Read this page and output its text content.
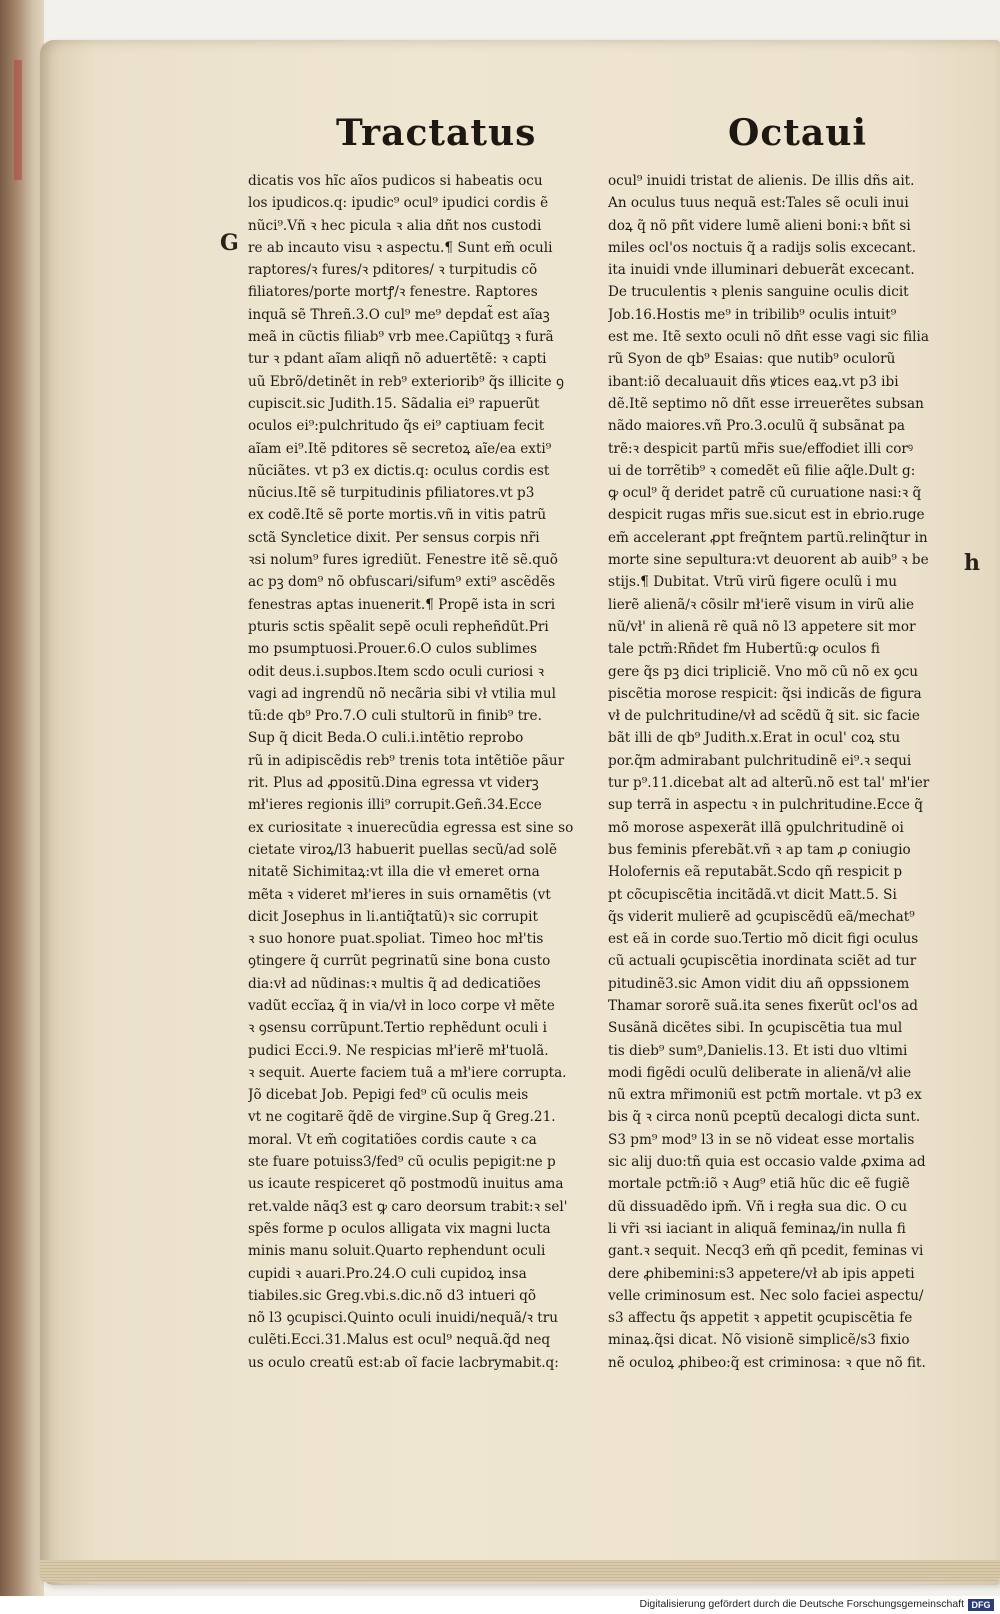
Tractatus	Octaui
G
h
dicatis vos hĩc aĩos pudicos si habeatis ocu
los ipudicos.q: ipudic⁹ ocul⁹ ipudici cordis ẽ
nũci⁹.Vñ ꝛ hec picula ꝛ alia dñt nos custodi
re ab incauto visu ꝛ aspectu.¶ Sunt em̃ oculi
raptores/ꝛ fures/ꝛ pditores/ ꝛ turpitudis cõ
filiatores/porte mortꝭ/ꝛ fenestre. Raptores
inquã sẽ Threñ.3.O cul⁹ me⁹ depdat̃ est aĩaꝫ
meã in cũctis filiab⁹ vrb mee.Capiũtqꝫ ꝛ furã
tur ꝛ pdant aĩam aliqñ nõ aduertẽtẽ: ꝛ capti
uũ Ebrõ/detinẽt in reb⁹ exteriorib⁹ q̃s illicite ꝯ
cupiscit.sic Judith.15. Sãdalia ei⁹ rapuerũt
oculos ei⁹:pulchritudo q̃s ei⁹ captiuam fecit
aĩam ei⁹.Itẽ pditores sẽ secretoꝝ aĩe/ea exti⁹
nũciãtes. vt p3 ex dictis.q: oculus cordis est
nũcius.Itẽ sẽ turpitudinis pfiliatores.vt p3
ex codẽ.Itẽ sẽ porte mortis.vñ in vitis patrũ
sctã Syncletice dixit. Per sensus corpis nr̃i
ꝛsi nolum⁹ fures igrediũt. Fenestre itẽ sẽ.quõ
ac pꝫ dom⁹ nõ obfuscari/sifum⁹ exti⁹ ascẽdẽs
fenestras aptas inuenerit.¶ Propẽ ista in scri
pturis sctis spẽalit sepẽ oculi repheñdũt.Pri
mo psumptuosi.Prouer.6.O culos sublimes
odit deus.i.supbos.Item scdo oculi curiosi ꝛ
vagi ad ingrendũ nõ necãria sibi vł vtilia mul
tũ:de qb⁹ Pro.7.O culi stultorũ in finib⁹ tre.
Sup q̃ dicit Beda.O culi.i.intẽtio reprobo
rũ in adipiscẽdis reb⁹ trenis tota intẽtiõe pãur
rit. Plus ad ꝓpositũ.Dina egressa vt viderꝫ
mł'ieres regionis illi⁹ corrupit.Geñ.34.Ecce
ex curiositate ꝛ inuerecũdia egressa est sine so
cietate viroꝝ/l3 habuerit puellas secũ/ad solẽ
nitatẽ Sichimitaꝝ:vt illa die vł emeret orna
mẽta ꝛ videret mł'ieres in suis ornamẽtis (vt
dicit Josephus in li.antiq̃tatũ)ꝛ sic corrupit
ꝛ suo honore puat.spoliat. Timeo hoc mł'tis
ꝯtingere q̃ currũt pegrinatũ sine bona custo
dia:vł ad nũdinas:ꝛ multis q̃ ad dedicatiões
vadũt eccĩaꝝ q̃ in via/vł in loco corpe vł mẽte
ꝛ ꝯsensu corrũpunt.Tertio rephẽdunt oculi i
pudici Ecci.9. Ne respicias mł'ierẽ mł'tuolã.
ꝛ sequit. Auerte faciem tuã a mł'iere corrupta.
Jõ dicebat Job. Pepigi fed⁹ cũ oculis meis
vt ne cogitarẽ q̃dẽ de virgine.Sup q̃ Greg.21.
moral. Vt em̃ cogitatiões cordis caute ꝛ ca
ste fuare potuiss3/fed⁹ cũ oculis pepigit:ne p
us icaute respiceret qõ postmodũ inuitus ama
ret.valde nãq3 est ꝙ caro deorsum trabit:ꝛ sel'
spẽs forme p oculos alligata vix magni lucta
minis manu soluit.Quarto rephendunt oculi
cupidi ꝛ auari.Pro.24.O culi cupidoꝝ insa
tiabiles.sic Greg.vbi.s.dic.nõ d3 intueri qõ
nõ l3 ꝯcupisci.Quinto oculi inuidi/nequã/ꝛ tru
culẽti.Ecci.31.Malus est ocul⁹ nequã.q̃d neq
us oculo creatũ est:ab oĩ facie lacbrymabit.q:
ocul⁹ inuidi tristat de alienis. De illis dñs ait.
An oculus tuus nequã est:Tales sẽ oculi inui
doꝝ q̃ nõ pñt videre lumẽ alieni boni:ꝛ bñt si
miles ocl'os noctuis q̃ a radijs solis excecant.
ita inuidi vnde illuminari debuerãt excecant.
De truculentis ꝛ plenis sanguine oculis dicit
Job.16.Hostis me⁹ in tribilib⁹ oculis intuit⁹
est me. Itẽ sexto oculi nõ dñt esse vagi sic filia
rũ Syon de qb⁹ Esaias: que nutib⁹ oculorũ
ibant:iõ decaluauit dñs ꝟtices eaꝝ.vt p3 ibi
dẽ.Itẽ septimo nõ dñt esse irreuerẽtes subsan
nãdo maiores.vñ Pro.3.oculũ q̃ subsãnat pa
trẽ:ꝛ despicit partũ mr̃is sue/effodiet illi corꝰ
ui de torrẽtib⁹ ꝛ comedẽt eũ filie aq̃le.Dult g:
ꝙ ocul⁹ q̃ deridet patrẽ cũ curuatione nasi:ꝛ q̃
despicit rugas mr̃is sue.sicut est in ebrio.ruge
em̃ accelerant ꝓpt freq̃ntem partũ.relinq̃tur in
morte sine sepultura:vt deuorent ab auib⁹ ꝛ be
stijs.¶ Dubitat. Vtrũ virũ figere oculũ i mu
lierẽ alienã/ꝛ cõsilr mł'ierẽ visum in virũ alie
nũ/vł' in alienã rẽ quã nõ l3 appetere sit mor
tale pctm̃:Rñdet fm Hubertũ:ꝙ oculos fi
gere q̃s pꝫ dici tripliciẽ. Vno mõ cũ nõ ex ꝯcu
piscẽtia morose respicit: q̃si indicãs de figura
vł de pulchritudine/vł ad scẽdũ q̃ sit. sic facie
bãt illi de qb⁹ Judith.x.Erat in ocul' coꝝ stu
por.q̃m admirabant pulchritudinẽ ei⁹.ꝛ sequi
tur p⁹.11.dicebat alt ad alterũ.nõ est tal' mł'ier
sup terrã in aspectu ꝛ in pulchritudine.Ecce q̃
mõ morose aspexerãt illã ꝯpulchritudinẽ oi
bus feminis pferebãt.vñ ꝛ ap tam ꝓ coniugio
Holofernis eã reputabãt.Scdo qñ respicit p
pt cõcupiscẽtia incitãdã.vt dicit Matt.5. Si
q̃s viderit mulierẽ ad ꝯcupiscẽdũ eã/mechat⁹
est eã in corde suo.Tertio mõ dicit figi oculus
cũ actuali ꝯcupiscẽtia inordinata sciẽt ad tur
pitudinẽ3.sic Amon vidit diu añ oppssionem
Thamar sororẽ suã.ita senes fixerũt ocl'os ad
Susãnã dicẽtes sibi. In ꝯcupiscẽtia tua mul
tis dieb⁹ sum⁹,Danielis.13. Et isti duo vltimi
modi figẽdi oculũ deliberate in alienã/vł alie
nũ extra mr̃imoniũ est pctm̃ mortale. vt p3 ex
bis q̃ ꝛ circa nonũ pceptũ decalogi dicta sunt.
S3 pm⁹ mod⁹ l3 in se nõ videat esse mortalis
sic alij duo:tñ quia est occasio valde ꝓxima ad
mortale pctm̃:iõ ꝛ Aug⁹ etiã hũc dic eẽ fugiẽ
dũ dissuadẽdo ipm̃. Vñ i regła sua dic. O cu
li vr̃i ꝛsi iaciant in aliquã feminaꝝ/in nulla fi
gant.ꝛ sequit. Necq3 em̃ qñ pcedit, feminas vi
dere ꝓhibemini:s3 appetere/vł ab ipis appeti
velle criminosum est. Nec solo faciei aspectu/
s3 affectu q̃s appetit ꝛ appetit ꝯcupiscẽtia fe
minaꝝ.q̃si dicat. Nõ visionẽ simplicẽ/s3 fixio
nẽ oculoꝝ ꝓhibeo:q̃ est criminosa: ꝛ que nõ fit.
Digitalisierung gefördert durch die Deutsche Forschungsgemeinschaft DFG
